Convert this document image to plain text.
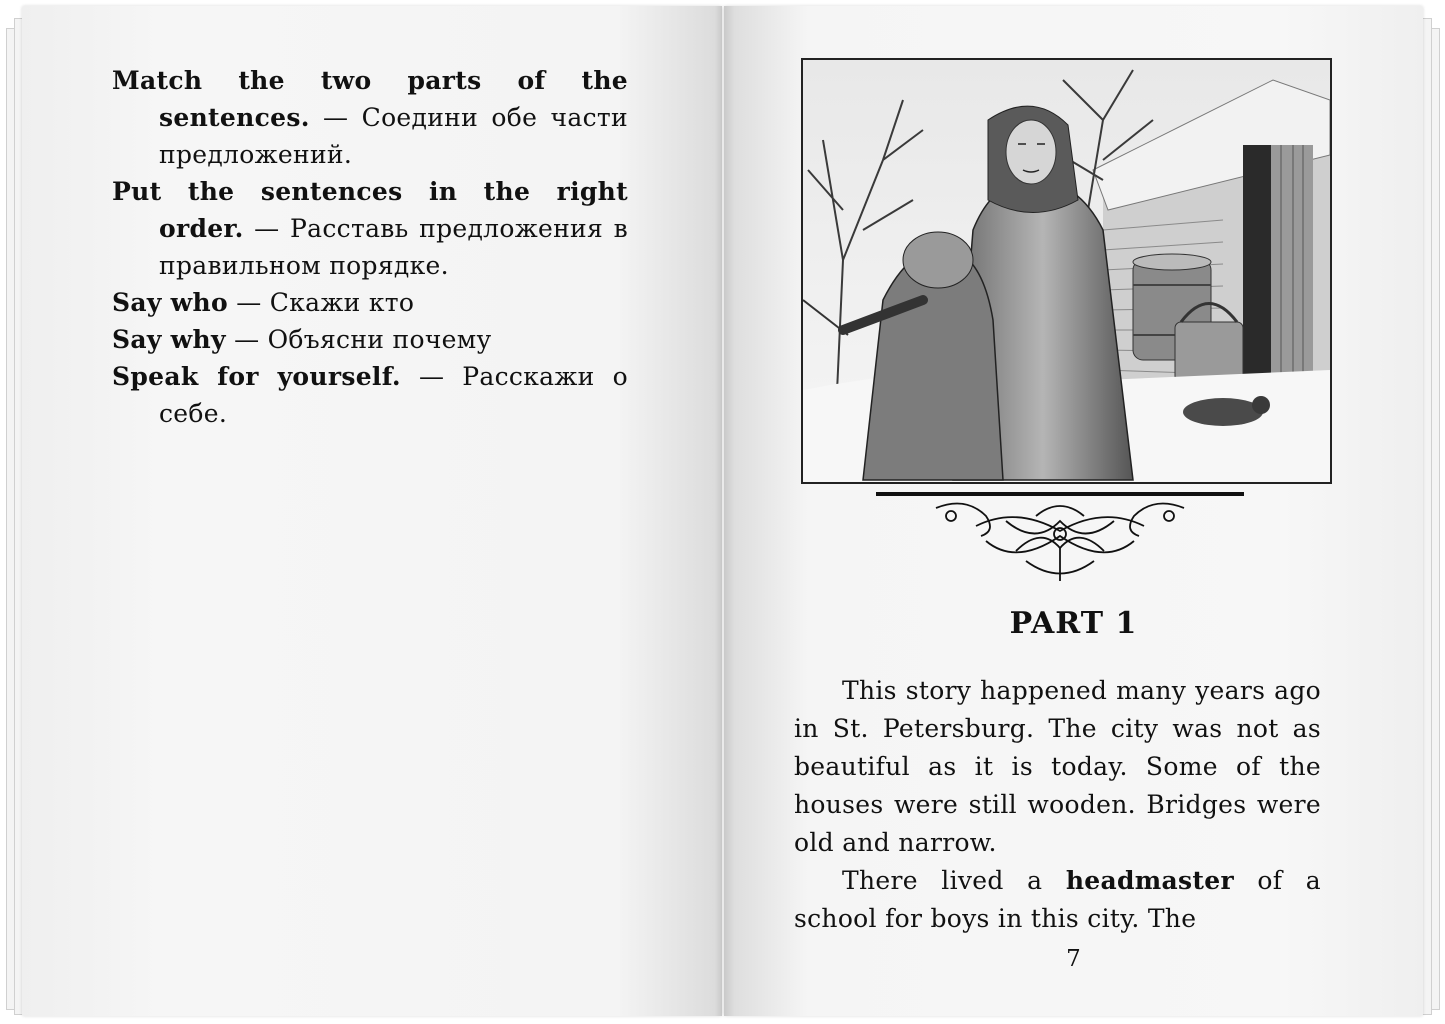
Match the two parts of the sentences. — Соедини обе части предложений.
Put the sentences in the right order. — Расставь предложения в правильном порядке.
Say who — Скажи кто
Say why — Объясни почему
Speak for yourself. — Расскажи о себе.
PART 1

This story happened many years ago in St. Petersburg. The city was not as beautiful as it is today. Some of the houses were still wooden. Bridges were old and narrow.

There lived a headmaster of a school for boys in this city. The

7
